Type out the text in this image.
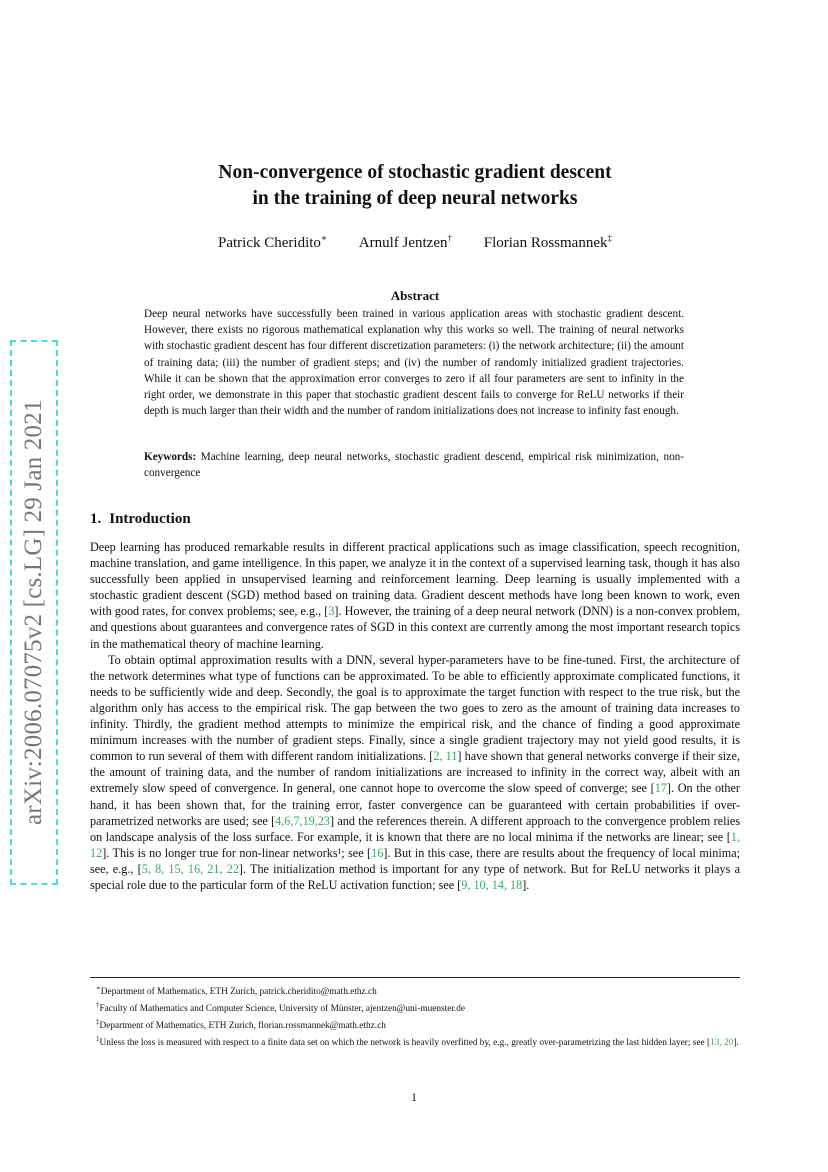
arXiv:2006.07075v2 [cs.LG] 29 Jan 2021
Non-convergence of stochastic gradient descent
in the training of deep neural networks
Patrick Cheridito∗ Arnulf Jentzen† Florian Rossmannek‡
Abstract
Deep neural networks have successfully been trained in various application areas with stochastic gradient descent. However, there exists no rigorous mathematical explanation why this works so well. The training of neural networks with stochastic gradient descent has four different discretization parameters: (i) the network architecture; (ii) the amount of training data; (iii) the number of gradient steps; and (iv) the number of randomly initialized gradient trajectories. While it can be shown that the approximation error converges to zero if all four parameters are sent to infinity in the right order, we demonstrate in this paper that stochastic gradient descent fails to converge for ReLU networks if their depth is much larger than their width and the number of random initializations does not increase to infinity fast enough.
Keywords: Machine learning, deep neural networks, stochastic gradient descend, empirical risk minimization, non-convergence
1. Introduction

Deep learning has produced remarkable results in different practical applications such as image classification, speech recognition, machine translation, and game intelligence. In this paper, we analyze it in the context of a supervised learning task, though it has also successfully been applied in unsupervised learning and reinforcement learning. Deep learning is usually implemented with a stochastic gradient descent (SGD) method based on training data. Gradient descent methods have long been known to work, even with good rates, for convex problems; see, e.g., [3]. However, the training of a deep neural network (DNN) is a non-convex problem, and questions about guarantees and convergence rates of SGD in this context are currently among the most important research topics in the mathematical theory of machine learning.

To obtain optimal approximation results with a DNN, several hyper-parameters have to be fine-tuned. First, the architecture of the network determines what type of functions can be approximated. To be able to efficiently approximate complicated functions, it needs to be sufficiently wide and deep. Secondly, the goal is to approximate the target function with respect to the true risk, but the algorithm only has access to the empirical risk. The gap between the two goes to zero as the amount of training data increases to infinity. Thirdly, the gradient method attempts to minimize the empirical risk, and the chance of finding a good approximate minimum increases with the number of gradient steps. Finally, since a single gradient trajectory may not yield good results, it is common to run several of them with different random initializations. [2, 11] have shown that general networks converge if their size, the amount of training data, and the number of random initializations are increased to infinity in the correct way, albeit with an extremely slow speed of convergence. In general, one cannot hope to overcome the slow speed of converge; see [17]. On the other hand, it has been shown that, for the training error, faster convergence can be guaranteed with certain probabilities if over-parametrized networks are used; see [4,6,7,19,23] and the references therein. A different approach to the convergence problem relies on landscape analysis of the loss surface. For example, it is known that there are no local minima if the networks are linear; see [1, 12]. This is no longer true for non-linear networks¹; see [16]. But in this case, there are results about the frequency of local minima; see, e.g., [5, 8, 15, 16, 21, 22]. The initialization method is important for any type of network. But for ReLU networks it plays a special role due to the particular form of the ReLU activation function; see [9, 10, 14, 18].

∗Department of Mathematics, ETH Zurich, patrick.cheridito@math.ethz.ch
†Faculty of Mathematics and Computer Science, University of Münster, ajentzen@uni-muenster.de
‡Department of Mathematics, ETH Zurich, florian.rossmannek@math.ethz.ch
$^1$Unless the loss is measured with respect to a finite data set on which the network is heavily overfitted by, e.g., greatly over-parametrizing the last hidden layer; see [13, 20].
1
